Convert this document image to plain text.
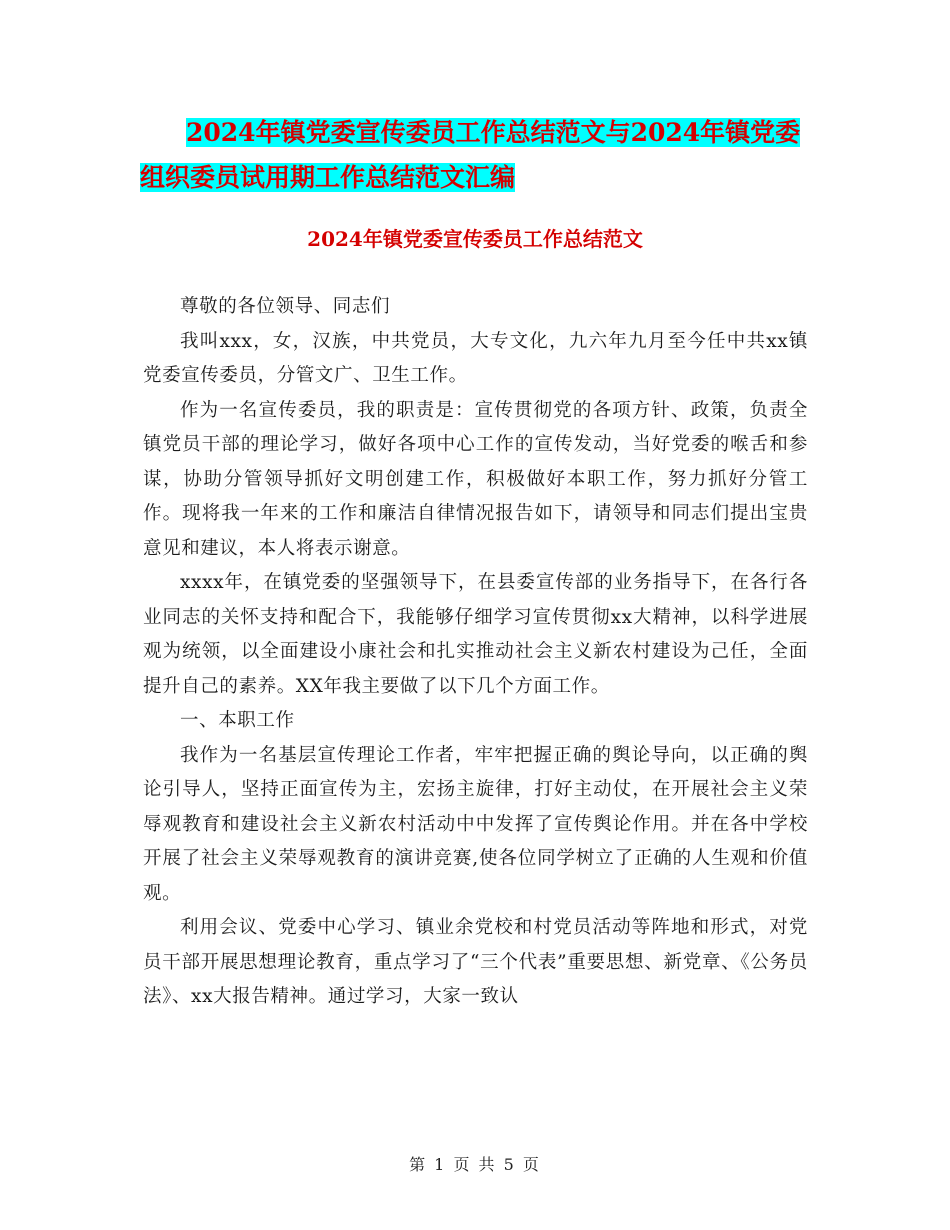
2024年镇党委宣传委员工作总结范文与2024年镇党委
组织委员试用期工作总结范文汇编
2024年镇党委宣传委员工作总结范文

尊敬的各位领导、同志们

我叫xxx，女，汉族，中共党员，大专文化，九六年九月至今任中共xx镇党委宣传委员，分管文广、卫生工作。

作为一名宣传委员，我的职责是：宣传贯彻党的各项方针、政策，负责全镇党员干部的理论学习，做好各项中心工作的宣传发动，当好党委的喉舌和参谋，协助分管领导抓好文明创建工作，积极做好本职工作，努力抓好分管工作。现将我一年来的工作和廉洁自律情况报告如下，请领导和同志们提出宝贵意见和建议，本人将表示谢意。

xxxx年，在镇党委的坚强领导下，在县委宣传部的业务指导下，在各行各业同志的关怀支持和配合下，我能够仔细学习宣传贯彻xx大精神，以科学进展观为统领，以全面建设小康社会和扎实推动社会主义新农村建设为己任，全面提升自己的素养。XX年我主要做了以下几个方面工作。

一、本职工作

我作为一名基层宣传理论工作者，牢牢把握正确的舆论导向，以正确的舆论引导人，坚持正面宣传为主，宏扬主旋律，打好主动仗，在开展社会主义荣辱观教育和建设社会主义新农村活动中中发挥了宣传舆论作用。并在各中学校开展了社会主义荣辱观教育的演讲竞赛,使各位同学树立了正确的人生观和价值观。

利用会议、党委中心学习、镇业余党校和村党员活动等阵地和形式，对党员干部开展思想理论教育，重点学习了“三个代表”重要思想、新党章、《公务员法》、xx大报告精神。通过学习，大家一致认

第 1 页 共 5 页
